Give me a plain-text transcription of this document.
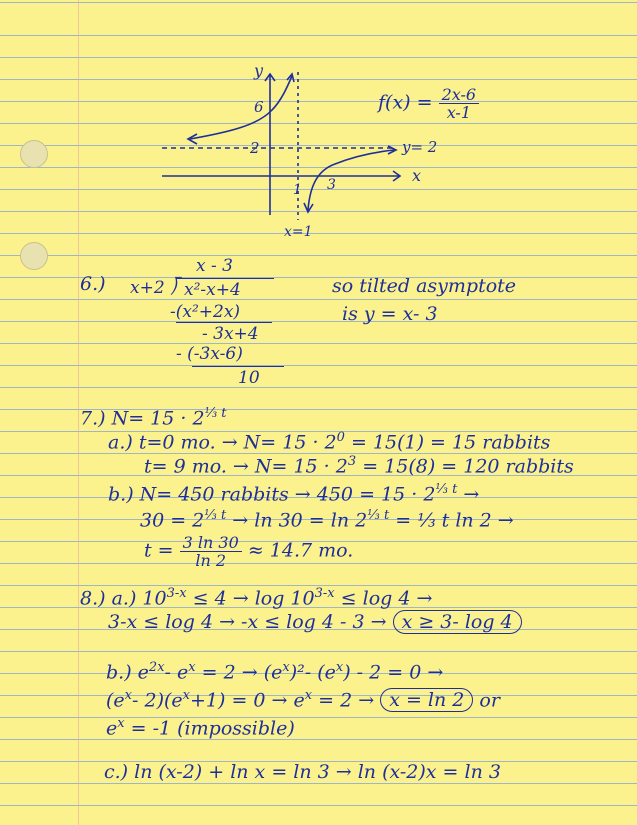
y
x
6
2
1 3
y= 2
x=1
$f(x) = \frac{2x-6}{x-1}$
6.)
x - 3
x+2 ⟌ x²-x+4
-(x²+2x)
- 3x+4
- (-3x-6)
10
so tilted asymptote
is y = x- 3
7.) $N= 15 \cdot 2^{\frac{1}{3} t}$
a.) t=0 mo. → $N= 15 \cdot 2^0 = 15(1) = 15$ rabbits
t= 9 mo. → $N= 15 \cdot 2^3 = 15(8) = 120$ rabbits
b.) N= 450 rabbits → $450 = 15 \cdot 2^{\frac{1}{3} t}$ →
$30 = 2^{\frac{1}{3} t} \to \ln 30 = \ln 2^{\frac{1}{3} t}$ = ⅓ t ln 2 →
$t = \frac{3 \ln 30}{\ln 2} \approx 14.7$ mo.
8.) a.) $10^{3-x} \le 4 \to \log 10^{3-x} \le \log 4$ →
3-x ≤ log 4 → -x ≤ log 4 - 3 → x ≥ 3- log 4
b.) $e^{2x}-$ $e^x = 2 \to (e^x)^2-$ $(e^x) - 2 = 0$ →
($e^x-$ $2)(e^x+1) = 0 \to e^x = 2 \to x = \ln 2$ or
$e^x = -1$ (impossible)
c.) ln (x-2) + ln x = ln 3 → ln (x-2)x = ln 3
